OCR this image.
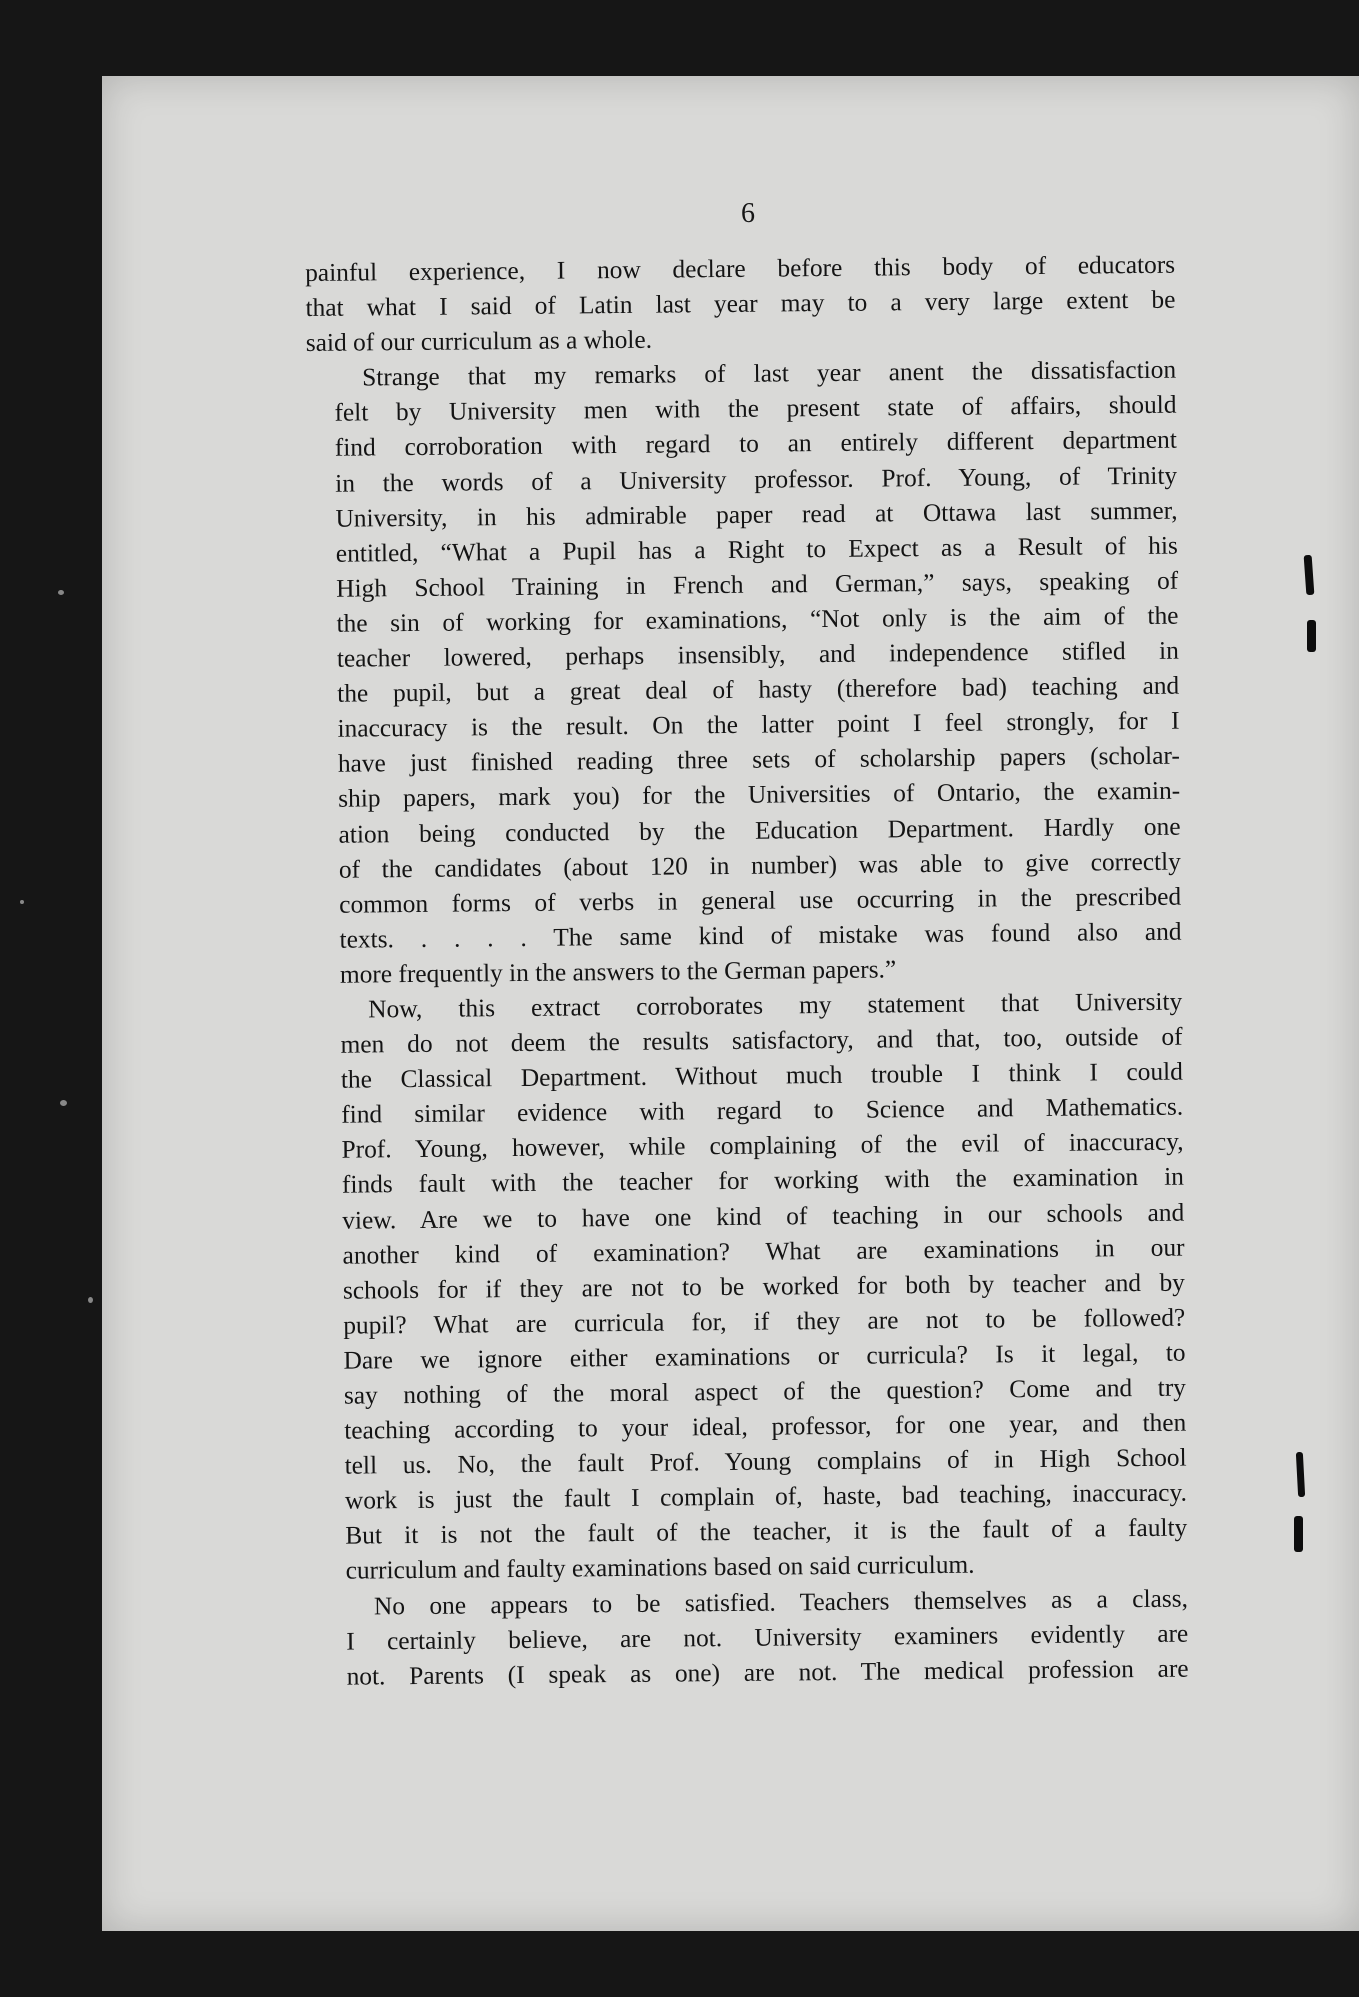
6

painful experience, I now declare before this body of educators
that what I said of Latin last year may to a very large extent be
said of our curriculum as a whole.

Strange that my remarks of last year anent the dissatisfaction
felt by University men with the present state of affairs, should
find corroboration with regard to an entirely different department
in the words of a University professor. Prof. Young, of Trinity
University, in his admirable paper read at Ottawa last summer,
entitled, “What a Pupil has a Right to Expect as a Result of his
High School Training in French and German,” says, speaking of
the sin of working for examinations, “Not only is the aim of the
teacher lowered, perhaps insensibly, and independence stifled in
the pupil, but a great deal of hasty (therefore bad) teaching and
inaccuracy is the result. On the latter point I feel strongly, for I
have just finished reading three sets of scholarship papers (scholar-
ship papers, mark you) for the Universities of Ontario, the examin-
ation being conducted by the Education Department. Hardly one
of the candidates (about 120 in number) was able to give correctly
common forms of verbs in general use occurring in the prescribed
texts. . . . . The same kind of mistake was found also and
more frequently in the answers to the German papers.”

Now, this extract corroborates my statement that University
men do not deem the results satisfactory, and that, too, outside of
the Classical Department. Without much trouble I think I could
find similar evidence with regard to Science and Mathematics.
Prof. Young, however, while complaining of the evil of inaccuracy,
finds fault with the teacher for working with the examination in
view. Are we to have one kind of teaching in our schools and
another kind of examination? What are examinations in our
schools for if they are not to be worked for both by teacher and by
pupil? What are curricula for, if they are not to be followed?
Dare we ignore either examinations or curricula? Is it legal, to
say nothing of the moral aspect of the question? Come and try
teaching according to your ideal, professor, for one year, and then
tell us. No, the fault Prof. Young complains of in High School
work is just the fault I complain of, haste, bad teaching, inaccuracy.
But it is not the fault of the teacher, it is the fault of a faulty
curriculum and faulty examinations based on said curriculum.

No one appears to be satisfied. Teachers themselves as a class,
I certainly believe, are not. University examiners evidently are
not. Parents (I speak as one) are not. The medical profession are
